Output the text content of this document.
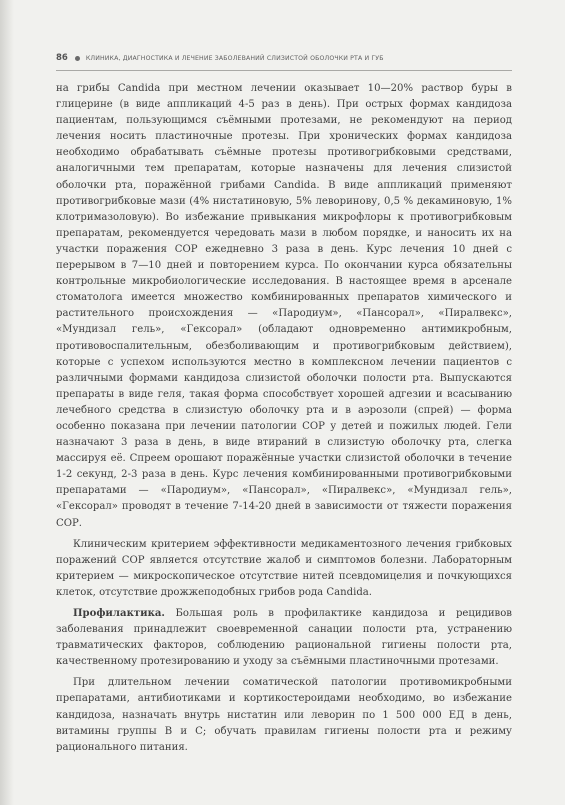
86	КЛИНИКА, ДИАГНОСТИКА И ЛЕЧЕНИЕ ЗАБОЛЕВАНИЙ СЛИЗИСТОЙ ОБОЛОЧКИ РТА И ГУБ

на грибы Candida при местном лечении оказывает 10—20% раствор буры в глицерине (в виде аппликаций 4-5 раз в день). При острых формах кандидоза пациентам, пользующимся съёмными протезами, не рекомендуют на период лечения носить пластиночные протезы. При хронических формах кандидоза необходимо обрабатывать съёмные протезы противогрибковыми средствами, аналогичными тем препаратам, которые назначены для лечения слизистой оболочки рта, поражённой грибами Candida. В виде аппликаций применяют противогрибковые мази (4% нистатиновую, 5% леворинову, 0,5 % декаминовую, 1% клотримазоловую). Во избежание привыкания микрофлоры к противогрибковым препаратам, рекомендуется чередовать мази в любом порядке, и наносить их на участки поражения СОР ежедневно 3 раза в день. Курс лечения 10 дней с перерывом в 7—10 дней и повторением курса. По окончании курса обязательны контрольные микробиологические исследования. В настоящее время в арсенале стоматолога имеется множество комбинированных препаратов химического и растительного происхождения — «Пародиум», «Пансорал», «Пиралвекс», «Мундизал гель», «Гексорал» (обладают одновременно антимикробным, противовоспалительным, обезболивающим и противогрибковым действием), которые с успехом используются местно в комплексном лечении пациентов с различными формами кандидоза слизистой оболочки полости рта. Выпускаются препараты в виде геля, такая форма способствует хорошей адгезии и всасыванию лечебного средства в слизистую оболочку рта и в аэрозоли (спрей) — форма особенно показана при лечении патологии СОР у детей и пожилых людей. Гели назначают 3 раза в день, в виде втираний в слизистую оболочку рта, слегка массируя её. Спреем орошают поражённые участки слизистой оболочки в течение 1-2 секунд, 2-3 раза в день. Курс лечения комбинированными противогрибковыми препаратами — «Пародиум», «Пансорал», «Пиралвекс», «Мундизал гель», «Гексорал» проводят в течение 7-14-20 дней в зависимости от тяжести поражения СОР.

Клиническим критерием эффективности медикаментозного лечения грибковых поражений СОР является отсутствие жалоб и симптомов болезни. Лабораторным критерием — микроскопическое отсутствие нитей псевдомицелия и почкующихся клеток, отсутствие дрожжеподобных грибов рода Candida.

Профилактика. Большая роль в профилактике кандидоза и рецидивов заболевания принадлежит своевременной санации полости рта, устранению травматических факторов, соблюдению рациональной гигиены полости рта, качественному протезированию и уходу за съёмными пластиночными протезами.

При длительном лечении соматической патологии противомикробными препаратами, антибиотиками и кортикостероидами необходимо, во избежание кандидоза, назначать внутрь нистатин или леворин по 1 500 000 ЕД в день, витамины группы В и С; обучать правилам гигиены полости рта и режиму рационального питания.
